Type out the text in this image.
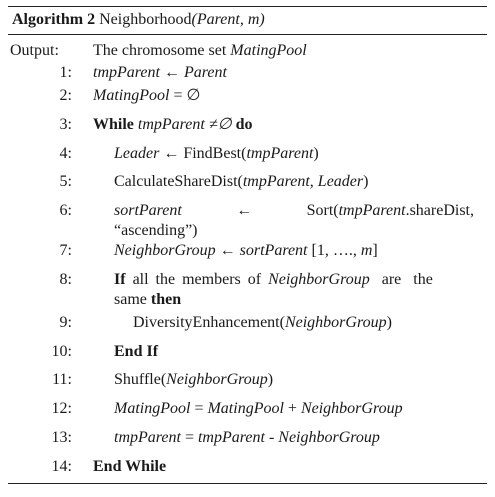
Algorithm 2 Neighborhood(Parent, m)
Output: The chromosome set MatingPool
1: tmpParent ← Parent
2: MatingPool = ∅
3: While tmpParent ≠∅ do
4:	Leader ← FindBest(tmpParent)
5:	CalculateShareDist(tmpParent, Leader)
6:	sortParent	←	Sort(tmpParent.shareDist,
“ascending”)
7:	NeighborGroup ← sortParent [1, …., m]
8:	If all the members of NeighborGroup are the
same then
9:	DiversityEnhancement(NeighborGroup)
10:	End If
11:	Shuffle(NeighborGroup)
12:	MatingPool = MatingPool + NeighborGroup
13:	tmpParent = tmpParent - NeighborGroup
14: End While
